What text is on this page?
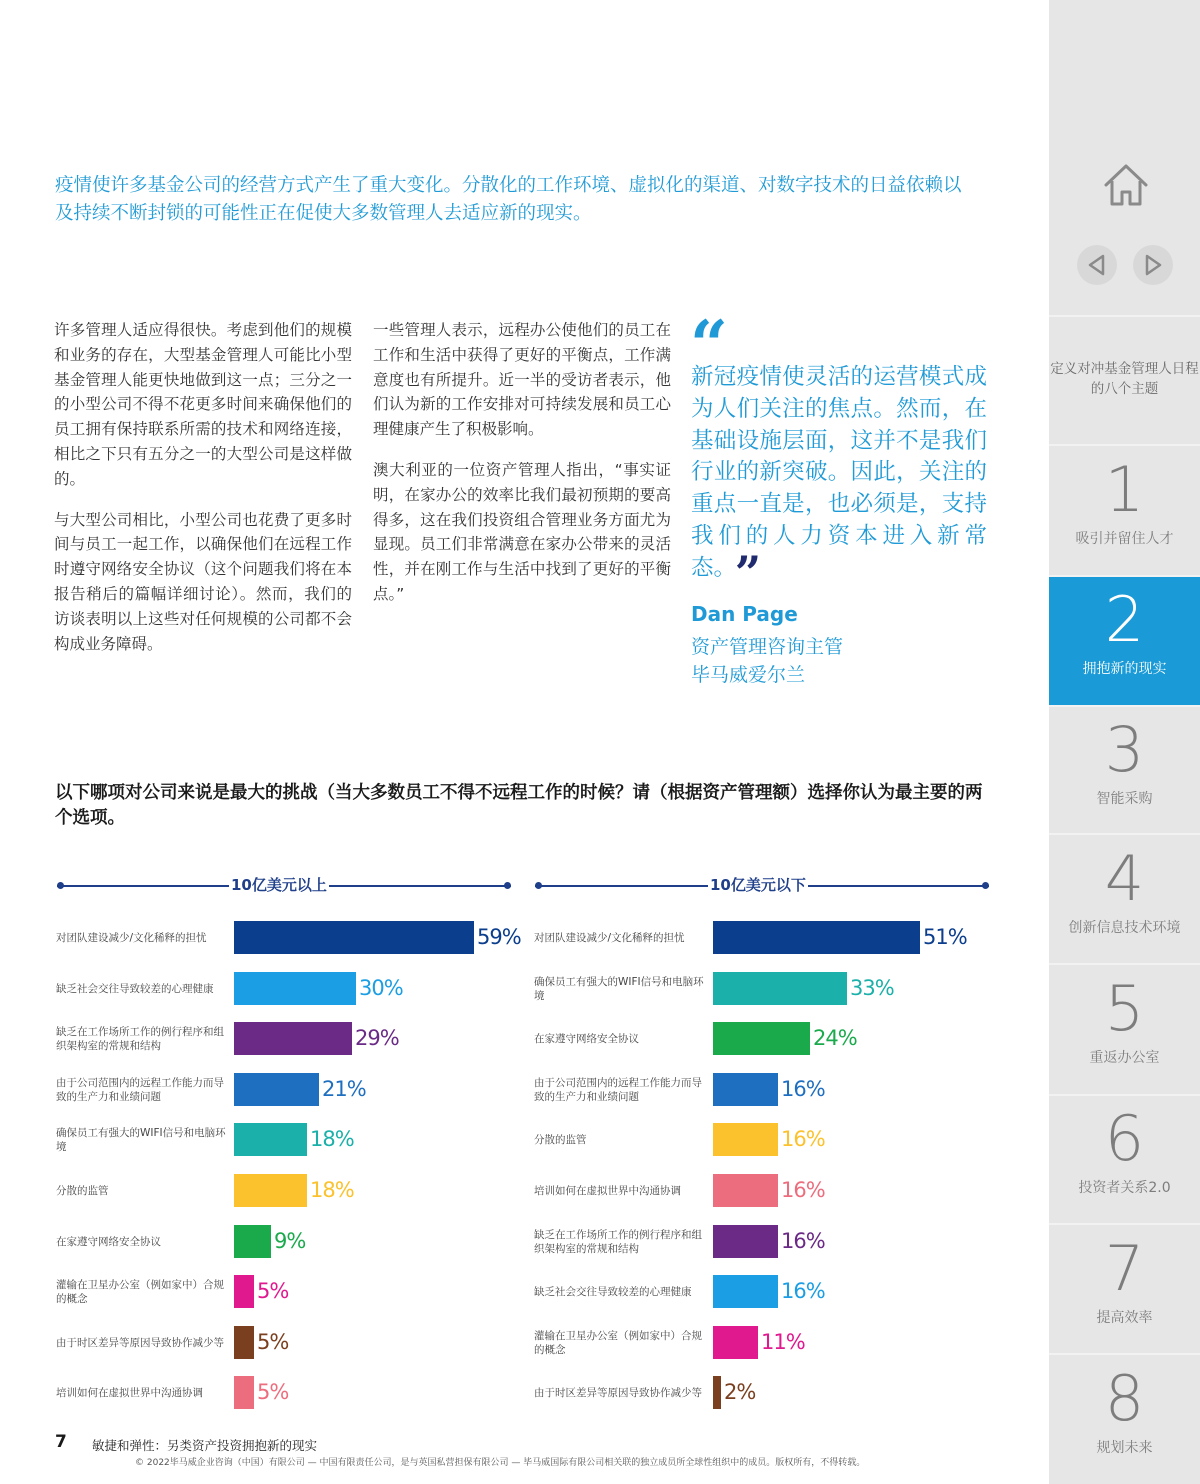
疫情使许多基金公司的经营方式产生了重大变化。分散化的工作环境、虚拟化的渠道、对数字技术的日益依赖以及持续不断封锁的可能性正在促使大多数管理人去适应新的现实。

许多管理人适应得很快。考虑到他们的规模和业务的存在，大型基金管理人可能比小型基金管理人能更快地做到这一点；三分之一的小型公司不得不花更多时间来确保他们的员工拥有保持联系所需的技术和网络连接，相比之下只有五分之一的大型公司是这样做的。

与大型公司相比，小型公司也花费了更多时间与员工一起工作，以确保他们在远程工作时遵守网络安全协议（这个问题我们将在本报告稍后的篇幅详细讨论）。然而，我们的访谈表明以上这些对任何规模的公司都不会构成业务障碍。

一些管理人表示，远程办公使他们的员工在工作和生活中获得了更好的平衡点，工作满意度也有所提升。近一半的受访者表示，他们认为新的工作安排对可持续发展和员工心理健康产生了积极影响。

澳大利亚的一位资产管理人指出，“事实证明，在家办公的效率比我们最初预期的要高得多，这在我们投资组合管理业务方面尤为显现。员工们非常满意在家办公带来的灵活性，并在刚工作与生活中找到了更好的平衡点。”

“
新冠疫情使灵活的运营模式成为人们关注的焦点。然而，在基础设施层面，这并不是我们行业的新突破。因此，关注的重点一直是，也必须是，支持我们的人力资本进入新常态。 ”
Dan Page
资产管理咨询主管
毕马威爱尔兰
以下哪项对公司来说是最大的挑战（当大多数员工不得不远程工作的时候？请（根据资产管理额）选择你认为最主要的两个选项。
10亿美元以上	10亿美元以下
对团队建设减少/文化稀释的担忧	59%
缺乏社会交往导致较差的心理健康	30%
缺乏在工作场所工作的例行程序和组织架构室的常规和结构	29%
由于公司范围内的远程工作能力而导致的生产力和业绩问题	21%
确保员工有强大的WIFI信号和电脑环境	18%
分散的监管	18%
在家遵守网络安全协议	9%
灌输在卫星办公室（例如家中）合规的概念	5%
由于时区差异等原因导致协作减少等	5%
培训如何在虚拟世界中沟通协调	5%
对团队建设减少/文化稀释的担忧	51%
确保员工有强大的WIFI信号和电脑环境	33%
在家遵守网络安全协议	24%
由于公司范围内的远程工作能力而导致的生产力和业绩问题	16%
分散的监管	16%
培训如何在虚拟世界中沟通协调	16%
缺乏在工作场所工作的例行程序和组织架构室的常规和结构	16%
缺乏社会交往导致较差的心理健康	16%
灌输在卫星办公室（例如家中）合规的概念	11%
由于时区差异等原因导致协作减少等	2%
7 敏捷和弹性：另类资产投资拥抱新的现实
© 2022毕马威企业咨询（中国）有限公司 — 中国有限责任公司，是与英国私营担保有限公司 — 毕马威国际有限公司相关联的独立成员所全球性组织中的成员。版权所有，不得转载。
定义对冲基金管理人日程的八个主题
1
吸引并留住人才
2
拥抱新的现实
3
智能采购
4
创新信息技术环境
5
重返办公室
6
投资者关系2.0
7
提高效率
8
规划未来
